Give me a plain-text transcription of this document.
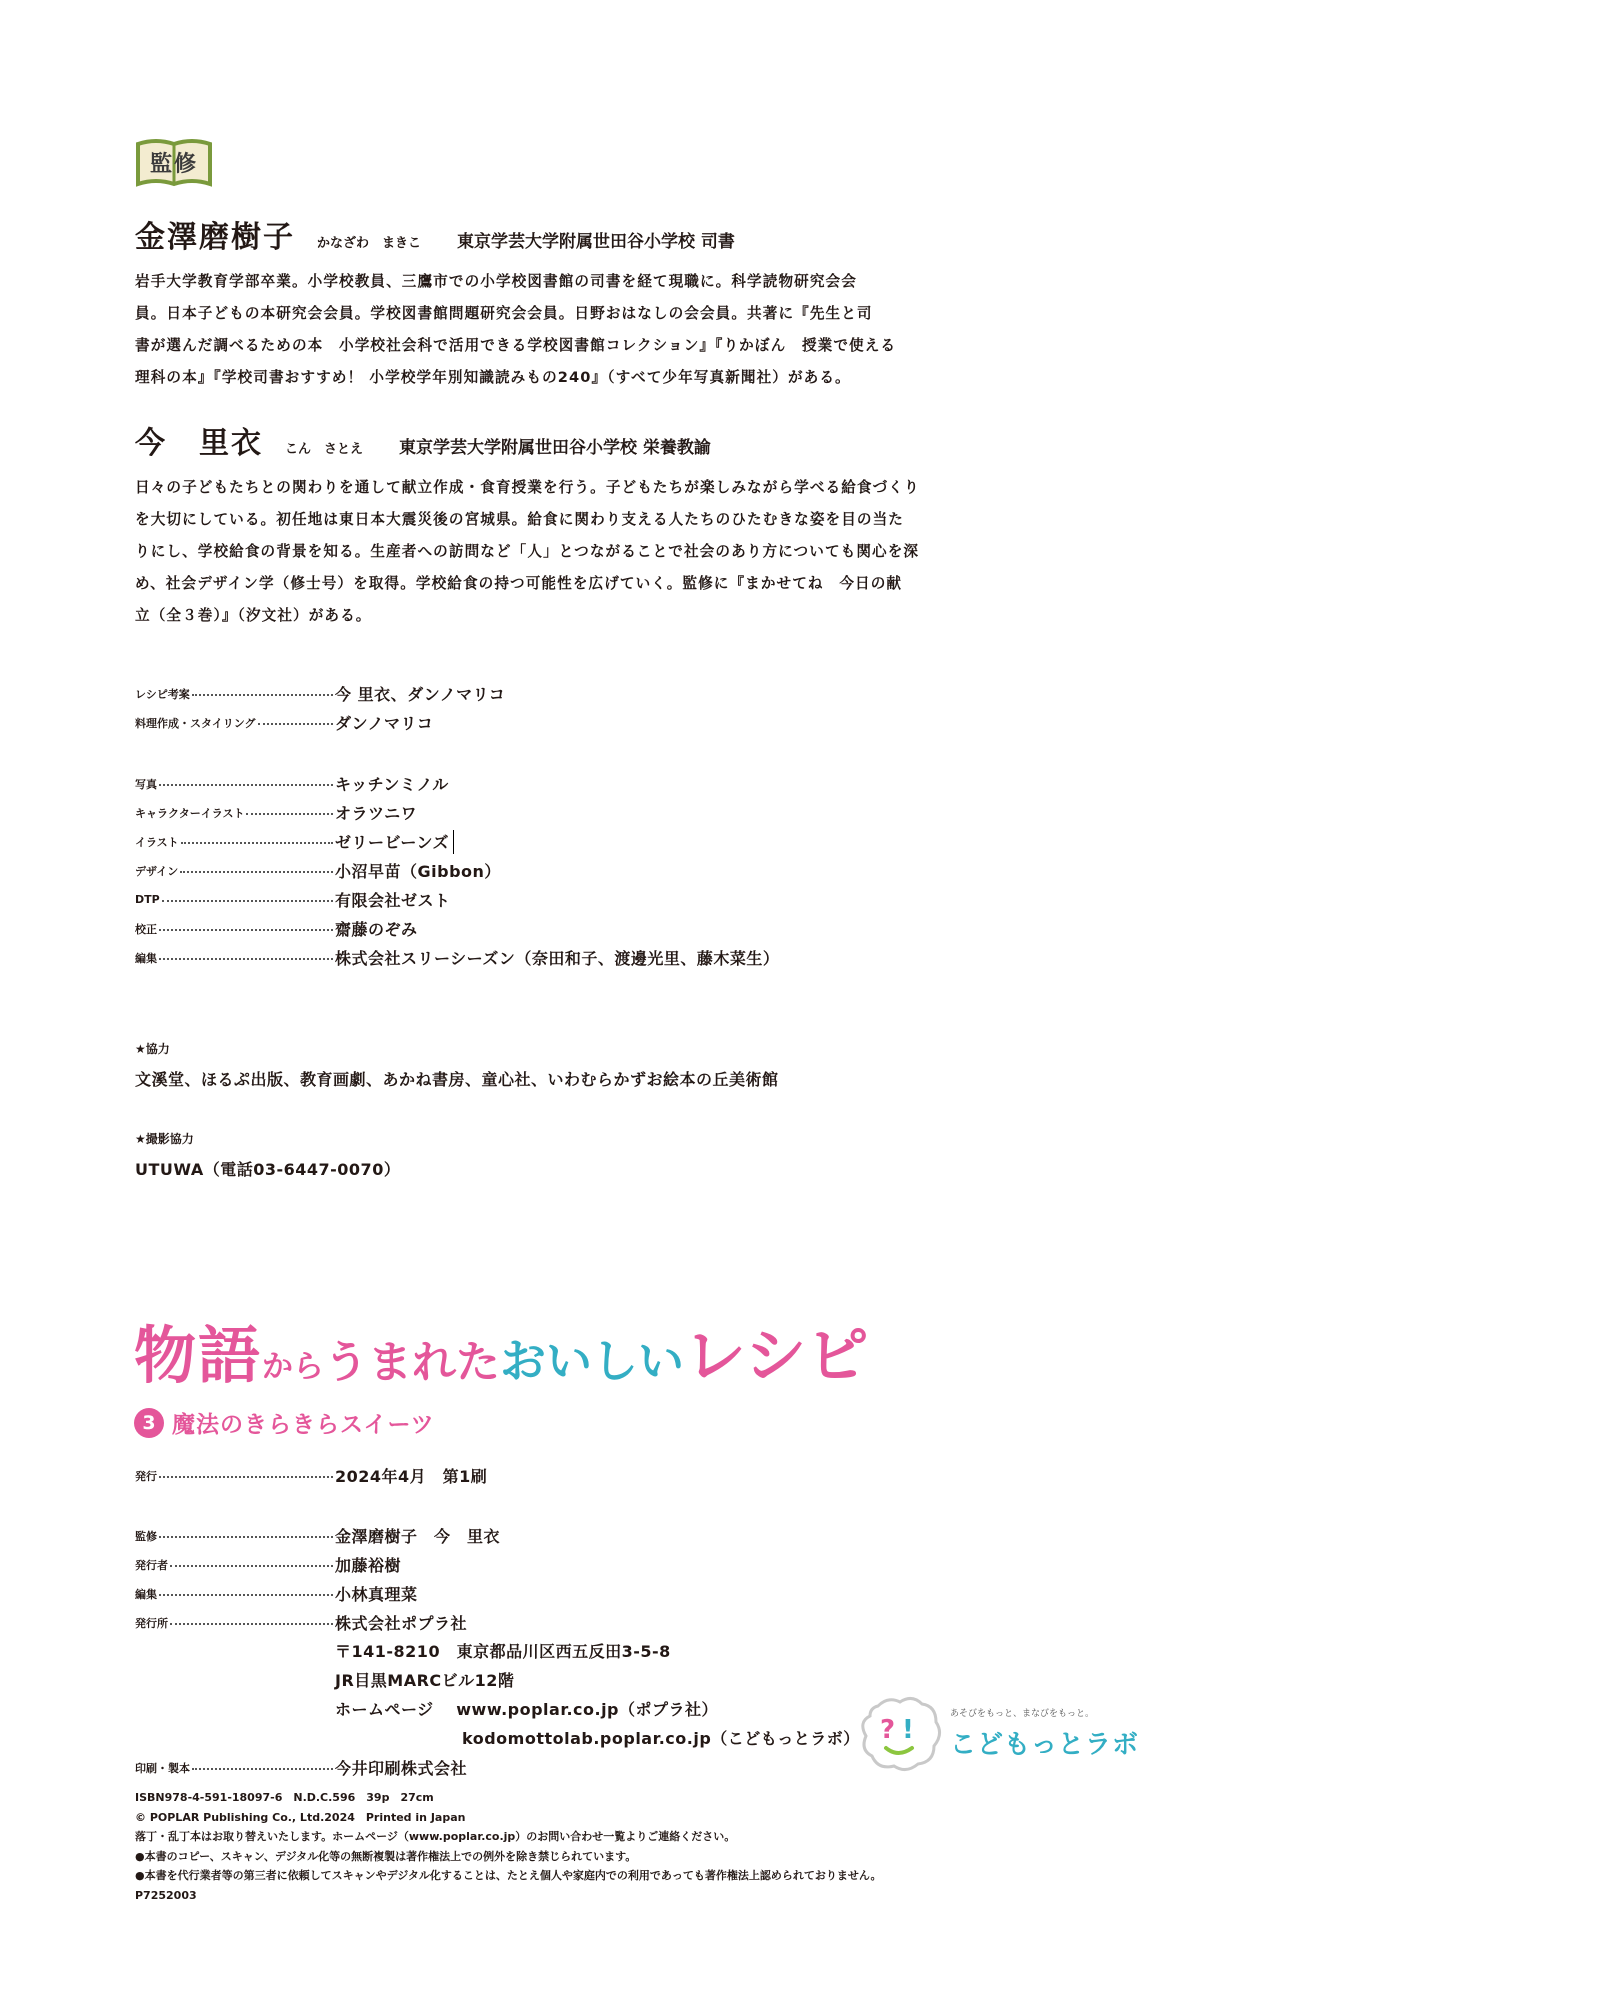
監修
金澤磨樹子 かなざわ　まきこ 東京学芸大学附属世田谷小学校 司書
岩手大学教育学部卒業。小学校教員、三鷹市での小学校図書館の司書を経て現職に。科学読物研究会会
員。日本子どもの本研究会会員。学校図書館問題研究会会員。日野おはなしの会会員。共著に『先生と司
書が選んだ調べるための本　小学校社会科で活用できる学校図書館コレクション』『りかぼん　授業で使える
理科の本』『学校司書おすすめ！ 小学校学年別知識読みもの240』（すべて少年写真新聞社）がある。
今　里衣 こん　さとえ 東京学芸大学附属世田谷小学校 栄養教諭
日々の子どもたちとの関わりを通して献立作成・食育授業を行う。子どもたちが楽しみながら学べる給食づくり
を大切にしている。初任地は東日本大震災後の宮城県。給食に関わり支える人たちのひたむきな姿を目の当た
りにし、学校給食の背景を知る。生産者への訪問など「人」とつながることで社会のあり方についても関心を深
め、社会デザイン学（修士号）を取得。学校給食の持つ可能性を広げていく。監修に『まかせてね　今日の献
立（全３巻）』（汐文社）がある。
レシピ考案	今 里衣、ダンノマリコ
料理作成・スタイリング	ダンノマリコ
写真	キッチンミノル
キャラクターイラスト	オラツニワ
イラスト	ゼリービーンズ
デザイン	小沼早苗（Gibbon）
DTP	有限会社ゼスト
校正	齋藤のぞみ
編集	株式会社スリーシーズン（奈田和子、渡邊光里、藤木菜生）
★協力
文溪堂、ほるぷ出版、教育画劇、あかね書房、童心社、いわむらかずお絵本の丘美術館
★撮影協力
UTUWA（電話03-6447-0070）
物語からうまれたおいしいレシピ
3 魔法のきらきらスイーツ
発行	2024年4月　第1刷
監修	金澤磨樹子　今　里衣
発行者	加藤裕樹
編集	小林真理菜
発行所	株式会社ポプラ社
〒141-8210　東京都品川区西五反田3-5-8
JR目黒MARCビル12階
ホームページ　 www.poplar.co.jp（ポプラ社）
kodomottolab.poplar.co.jp（こどもっとラボ）
印刷・製本	今井印刷株式会社
ISBN978-4-591-18097-6　N.D.C.596　39p　27cm
© POPLAR Publishing Co., Ltd.2024　Printed in Japan
落丁・乱丁本はお取り替えいたします。ホームページ（www.poplar.co.jp）のお問い合わせ一覧よりご連絡ください。
●本書のコピー、スキャン、デジタル化等の無断複製は著作権法上での例外を除き禁じられています。
●本書を代行業者等の第三者に依頼してスキャンやデジタル化することは、たとえ個人や家庭内での利用であっても著作権法上認められておりません。
P7252003
? !
あそびをもっと、まなびをもっと。
こどもっとラボ
